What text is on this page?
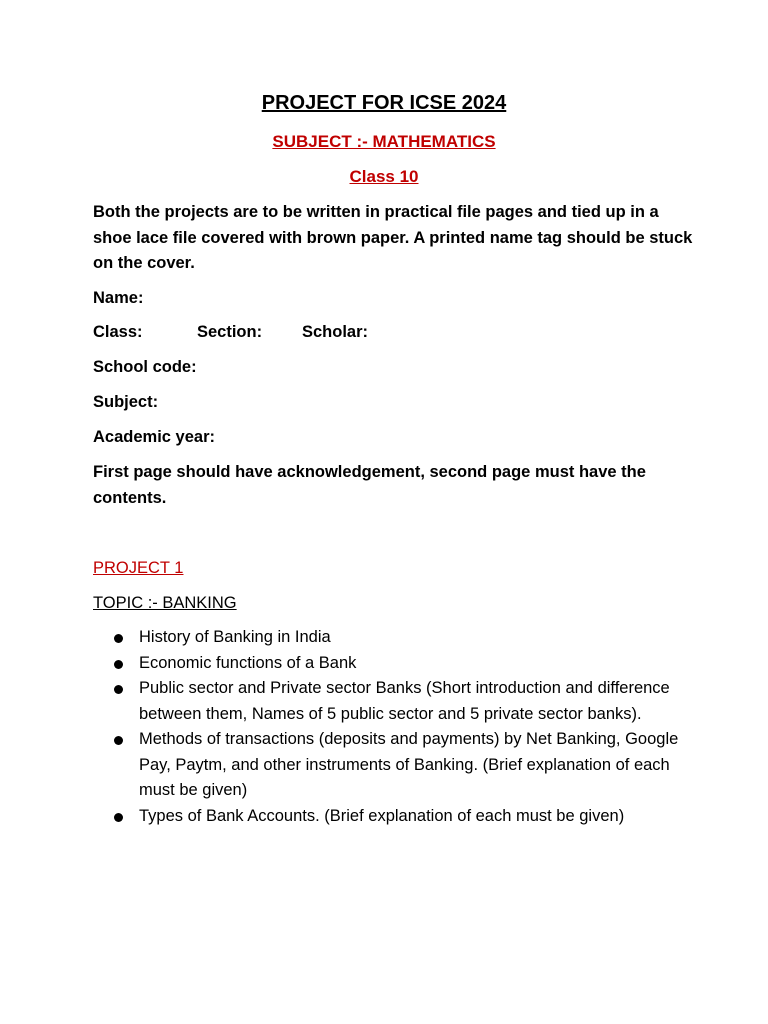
PROJECT FOR ICSE 2024
SUBJECT :- MATHEMATICS
Class 10
Both the projects are to be written in practical file pages and tied up in a shoe lace file covered with brown paper. A printed name tag should be stuck on the cover.
Name:
Class:	Section: Scholar:
School code:
Subject:
Academic year:
First page should have acknowledgement, second page must have the contents.
PROJECT 1
TOPIC :- BANKING
History of Banking in India
Economic functions of a Bank
Public sector and Private sector Banks (Short introduction and difference between them, Names of 5 public sector and 5 private sector banks).
Methods of transactions (deposits and payments) by Net Banking, Google Pay, Paytm, and other instruments of Banking. (Brief explanation of each must be given)
Types of Bank Accounts. (Brief explanation of each must be given)
